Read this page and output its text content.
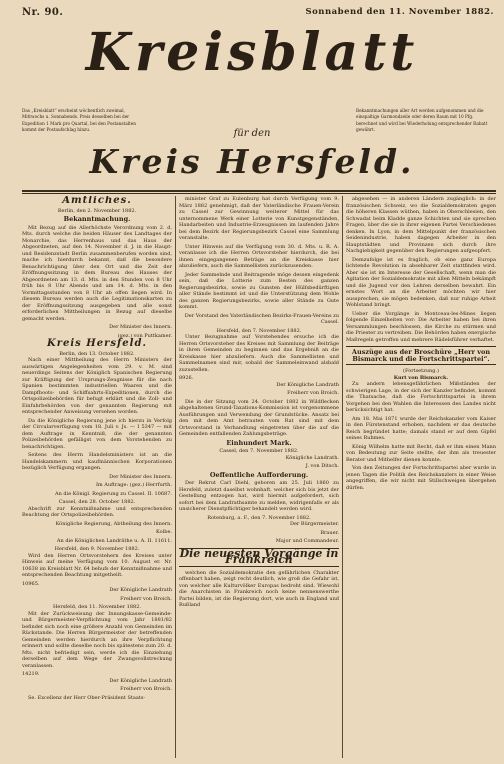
Nr. 90.	Sonnabend den 11. November 1882.
Kreisblatt
Das „Kreisblatt“ erscheint wöchentlich zweimal, Mittwochs u. Sonnabends. Preis desselben bei der Expedition 1 Mark pro Quartal, bei den Postanstalten kommt der Postaufschlag hinzu.
Bekanntmachungen aller Art werden aufgenommen und die einspaltige Garmondzeile oder deren Raum mit 10 Pfg. berechnet und wird bei Wiederholung entsprechender Rabatt gewährt.
für den
Kreis Hersfeld.
Amtliches.
Berlin, den 2. November 1882.
Bekanntmachung.

Mit Bezug auf die Allerhöchste Verordnung vom 2. d. Mts. durch welche die beiden Häuser des Landtages der Monarchie, das Herrenhaus und das Haus der Abgeordneten, auf den 14. November d. J. in die Haupt- und Residenzstadt Berlin zusammenberufen worden sind, mache ich hierdurch bekannt, daß die besondere Benachrichtigung über den Ort und die Zeit der Eröffnungssitzung in dem Bureau des Hauses der Abgeordneten am 13. d. Mts. in den Stunden von 8 Uhr früh bis 8 Uhr Abends und am 14. d. Mts. in den Vormittagsstunden von 8 Uhr ab offen liegen wird. In diesem Bureau werden auch die Legitimationskarten zu der Eröffnungssitzung ausgegeben und alle sonst erforderlichen Mittheilungen in Bezug auf dieselbe gemacht werden.

Der Minister des Innern.
(gez.) von Puttkamer.
Kreis Hersfeld.
Berlin, den 13. October 1882.

Nach einer Mittheilung des Herrn Ministers der auswärtigen Angelegenheiten vom 29. v. M. sind neuerdings Seitens der Königlich Spanischen Regierung zur Kräftigung der Ursprungs-Zeugnisse für die nach Spanien bestimmten industriellen Waaren und die Dampfboots- und Schiffsahrts-Expeditionen, durch die Ortspolizeibehörden für befugt erklärt und die Zoll- und Einfuhrbehörden von der genannten Regierung mit entsprechender Anweisung versehen worden.

Da die Königliche Regierung jene ich hierzu in Verfolg der Circularverfügung vom 18. Juli v. Js. — I 5347 — mit dem Auftrage in Kenntniß, die der genannten Polizeibehörden gefälligst von dem Vorstehenden zu benachrichtigen.

Seitens des Herrn Handelsministers ist an die Handelskammern und kaufmännischen Korporationen bezüglich Verfügung ergangen.

Der Minister des Innern.
Im Auftrage: (gez.) Herrfurth.
An die Königl. Regierung zu Cassel. II. 10687.
Cassel, den 28. October 1882.

Abschrift zur Kenntnißnahme und entsprechenden Beachtung der Ortspolizeibehörden.

Königliche Regierung, Abtheilung des Innern.
Kolbe.
An die Königlichen Landräthe u. A. II. 11611.
Hersfeld, den 9. November 1882.

Wird den Herren Ortsvorstehern des Kreises unter Hinweis auf meine Verfügung vom 10. August er. Nr. 10638 im Kreisblatt Nr. 64 behufs der Kenntnißnahme und entsprechenden Beachtung mitgetheilt.

10965.
Der Königliche Landrath
Freiherr von Broich.
Hersfeld, den 11. November 1882.

Mit der Zurückweisung der Innungskasse-Gemeinde- und Bürgermeister-Verpflichtung vom Jahr 1881/82 befindet sich noch eine größere Anzahl von Gemeinden im Rückstande. Die Herren Bürgermeister der betreffenden Gemeinden werden hierdurch an ihre Verpflichtung erinnert und sollte dieselbe noch bis spätestens zum 20. d. Mts. nicht befriedigt sein, werde ich die Einziehung derselben auf dem Wege der Zwangsvollstreckung veranlassen.

14219.
Der Königliche Landrath
Freiherr von Broich.

Se. Excellenz der Herr Ober-Präsident Staats-

minister Graf zu Eulenburg hat durch Verfügung vom 9. März 1882 genehmigt, daß der Vaterländische Frauen-Verein zu Cassel zur Gewinnung weiterer Mittel für das unternommene Werk einer Lotterie von Kunstgegenständen, Handarbeiten und Industrie-Erzeugnissen im laufenden Jahre bei dem Bezirk der Regierungsbezirk Cassel eine Sammlung veranstalte.

Unter Hinweis auf die Verfügung vom 30. d. Mts. u. R. A. veranlasse ich die Herren Ortsvorsteher hierdurch, die bei ihnen eingegangenen Beträge an die Kreiskasse hier abzuliefern, auch die Sammellisten zurückzusenden.

Jeder Sammelnde und Beitragende möge dessen eingedenk sein, daß die Lotterie zum Besten des ganzen Regierungsbezirks, sowie zu Gunsten der Hülfsbedürftigen aller Stände bestimmt ist und die Unterstützung dem Wohle des ganzen Regierungsbezirks, sowie aller Stände zu Gute kommt.

Der Vorstand des Vaterländischen Bezirks-Frauen-Vereins zu Cassel.
Hersfeld, den 7. November 1882.

Unter Bezugnahme auf Vorstehendes ersuche ich die Herren Ortsvorsteher des Kreises mit Sammlung der Beiträge in ihren Gemeinden zu beginnen und das Ergebniß an die Kreiskasse hier abzuliefern. Auch die Sammellisten und Sammelnamen sind mir, sobald der Sammeleinwand alsbald zuzustellen.

8926.
Der Königliche Landrath
Freiherr von Broich.

Die in der Sitzung vom 24. October 1882 in Wildflecken abgehaltenen Grund-Taxations-Kommission ist vorgenommene Ausführungen und Verwendung der Grundstücke. Ansatz bei den mit dem Amt betrauten vom Rat sind mit dem Ortsvorstand in Verhandlung eingetreten über die auf die Gemeinden entfallenden Zahlungsbeträge.

Einhundert Mark.
Cassel, den 7. November 1882.
Königliche Landrath.
J. von Ditsch.
Oeffentliche Aufforderung.

Der Rekrut Carl Diehl, geboren am 25. Juli 1860 zu Hersfeld, zuletzt daselbst wohnhaft, welcher sich bis jetzt der Gestellung entzogen hat, wird hiermit aufgefordert, sich sofort bei dem Landrathsamte zu melden, widrigenfalls er als unsicherer Dienstpflichtiger behandelt werden wird.

Rotenburg, a. F., den 7. November 1882.
Der Bürgermeister.
Brauer.
Major und Commandeur.
Die neuesten Vorgänge in Frankreich

welchen die Sozialdemokratie den gefährlichen Charakter offenbart haben, zeigt recht deutlich, wie groß die Gefahr ist, von welcher alle Kulturvölker Europas bedroht sind. Wiewohl die Anarchisten in Frankreich noch keine nennenswerthe Partei bilden, ist die Regierung dort, wie auch in England und Rußland

abgesehen — in anderen Ländern zugänglich: in der französischen Schweiz, wo die Sozialdemokraten gegen die höheren Klassen wüthen, haben in Oberschlesien, den Schwadat beim Kladde ganze Schichten und sie sprechen Fragen, über die sie in ihrer eigenen Partei Verschiedenes denken. In Lyon, in dem Mittelpunkt der französischen Seidenindustrie, haben dagegen Arbeiter in den Hauptstädten und Provinzen sich durch ihre Nachgiebigkeit gegenüber den Regierungen aufgeopfert.

Demzufolge ist es fraglich, ob eine ganz Europa lichtende Revolution in absehbarer Zeit stattfinden wird. Aber sie ist im Interesse der Gesellschaft, wenn man die Agitation der Sozialdemokratie mit allen Mitteln bekämpft und die Jugend vor den Lehren derselben bewahrt. Ein ernstes Wort an die Arbeiter möchten wir hier aussprechen, sie mögen bedenken, daß nur ruhige Arbeit Wohlstand bringt.

Ueber die Vorgänge in Montceau-les-Mines liegen folgende Einzelheiten vor: Die Arbeiter haben bei ihren Versammlungen beschlossen, die Kirche zu stürmen und die Priester zu vertreiben. Die Behörden haben energische Maßregeln getroffen und mehrere Rädelsführer verhaftet.

Auszüge aus der Broschüre „Herr von Bismarck und die Fortschrittspartei“.
(Fortsetzung.)
Kurt von Bismarck.

Zu andern lebensgefährlichen Mißständen der schwierigen Lage, in der sich der Kanzler befindet, kommt die Thatsache, daß die Fortschrittspartei in ihrem Vorgehen bei den Wahlen die Interessen des Landes nicht berücksichtigt hat.

Am 18. Mai 1871 wurde der Reichskanzler vom Kaiser in den Fürstenstand erhoben, nachdem er das deutsche Reich begründet hatte; damals stand er auf dem Gipfel seines Ruhmes.

König Wilhelm hatte mit Recht, daß er ihm einen Mann von Bedeutung zur Seite stellte, der ihm als treuester Berater und Mithelfer dienen konnte.

Von den Zeitungen der Fortschrittspartei aber wurde in jenen Tagen die Politik des Reichskanzlers in einer Weise angegriffen, die wir nicht mit Stillschweigen übergehen dürfen.
